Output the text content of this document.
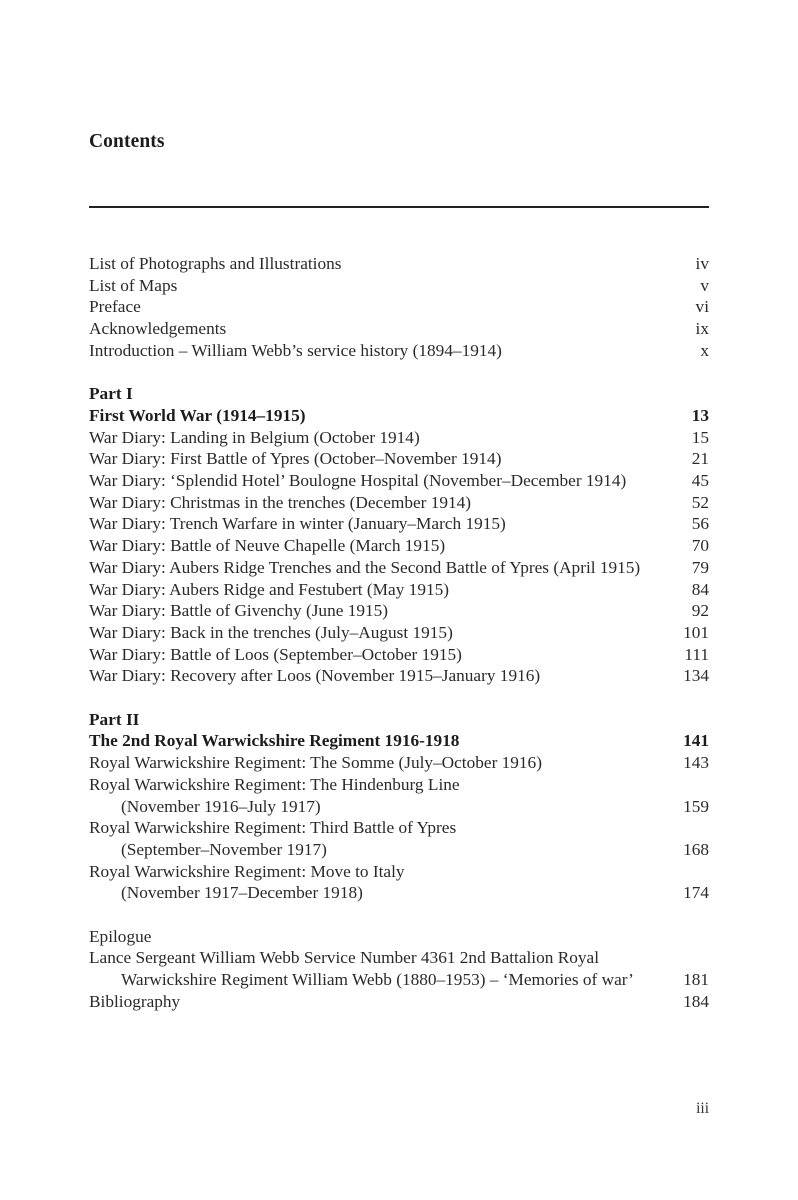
Contents
List of Photographs and Illustrations	iv
List of Maps	v
Preface	vi
Acknowledgements	ix
Introduction – William Webb’s service history (1894–1914)	x
Part I
First World War (1914–1915)	13
War Diary: Landing in Belgium (October 1914)	15
War Diary: First Battle of Ypres (October–November 1914)	21
War Diary: ‘Splendid Hotel’ Boulogne Hospital (November–December 1914)	45
War Diary: Christmas in the trenches (December 1914)	52
War Diary: Trench Warfare in winter (January–March 1915)	56
War Diary: Battle of Neuve Chapelle (March 1915)	70
War Diary: Aubers Ridge Trenches and the Second Battle of Ypres (April 1915)	79
War Diary: Aubers Ridge and Festubert (May 1915)	84
War Diary: Battle of Givenchy (June 1915)	92
War Diary: Back in the trenches (July–August 1915)	101
War Diary: Battle of Loos (September–October 1915)	111
War Diary: Recovery after Loos (November 1915–January 1916)	134
Part II
The 2nd Royal Warwickshire Regiment 1916-1918	141
Royal Warwickshire Regiment: The Somme (July–October 1916)	143
Royal Warwickshire Regiment: The Hindenburg Line
(November 1916–July 1917)	159
Royal Warwickshire Regiment: Third Battle of Ypres
(September–November 1917)	168
Royal Warwickshire Regiment: Move to Italy
(November 1917–December 1918)	174
Epilogue
Lance Sergeant William Webb Service Number 4361 2nd Battalion Royal
Warwickshire Regiment William Webb (1880–1953) – ‘Memories of war’	181
Bibliography	184
iii
